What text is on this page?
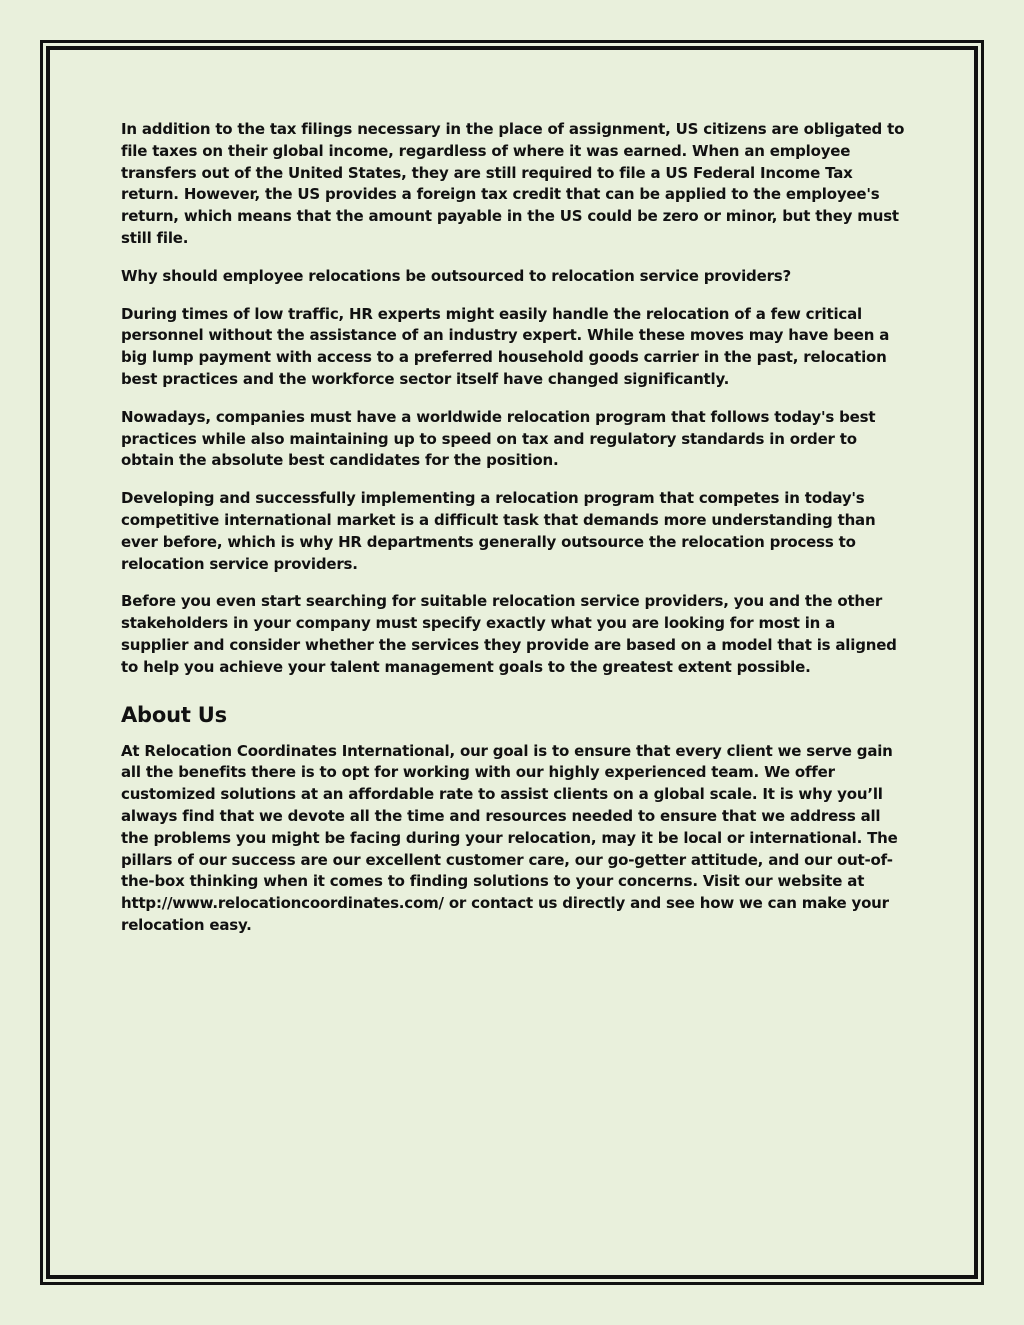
In addition to the tax filings necessary in the place of assignment, US citizens are obligated to file taxes on their global income, regardless of where it was earned. When an employee transfers out of the United States, they are still required to file a US Federal Income Tax return. However, the US provides a foreign tax credit that can be applied to the employee's return, which means that the amount payable in the US could be zero or minor, but they must still file.

Why should employee relocations be outsourced to relocation service providers?

During times of low traffic, HR experts might easily handle the relocation of a few critical personnel without the assistance of an industry expert. While these moves may have been a big lump payment with access to a preferred household goods carrier in the past, relocation best practices and the workforce sector itself have changed significantly.

Nowadays, companies must have a worldwide relocation program that follows today's best practices while also maintaining up to speed on tax and regulatory standards in order to obtain the absolute best candidates for the position.

Developing and successfully implementing a relocation program that competes in today's competitive international market is a difficult task that demands more understanding than ever before, which is why HR departments generally outsource the relocation process to relocation service providers.

Before you even start searching for suitable relocation service providers, you and the other stakeholders in your company must specify exactly what you are looking for most in a supplier and consider whether the services they provide are based on a model that is aligned to help you achieve your talent management goals to the greatest extent possible.

About Us

At Relocation Coordinates International, our goal is to ensure that every client we serve gain all the benefits there is to opt for working with our highly experienced team. We offer customized solutions at an affordable rate to assist clients on a global scale. It is why you’ll always find that we devote all the time and resources needed to ensure that we address all the problems you might be facing during your relocation, may it be local or international. The pillars of our success are our excellent customer care, our go-getter attitude, and our out-of-the-box thinking when it comes to finding solutions to your concerns. Visit our website at http://www.relocationcoordinates.com/ or contact us directly and see how we can make your relocation easy.
